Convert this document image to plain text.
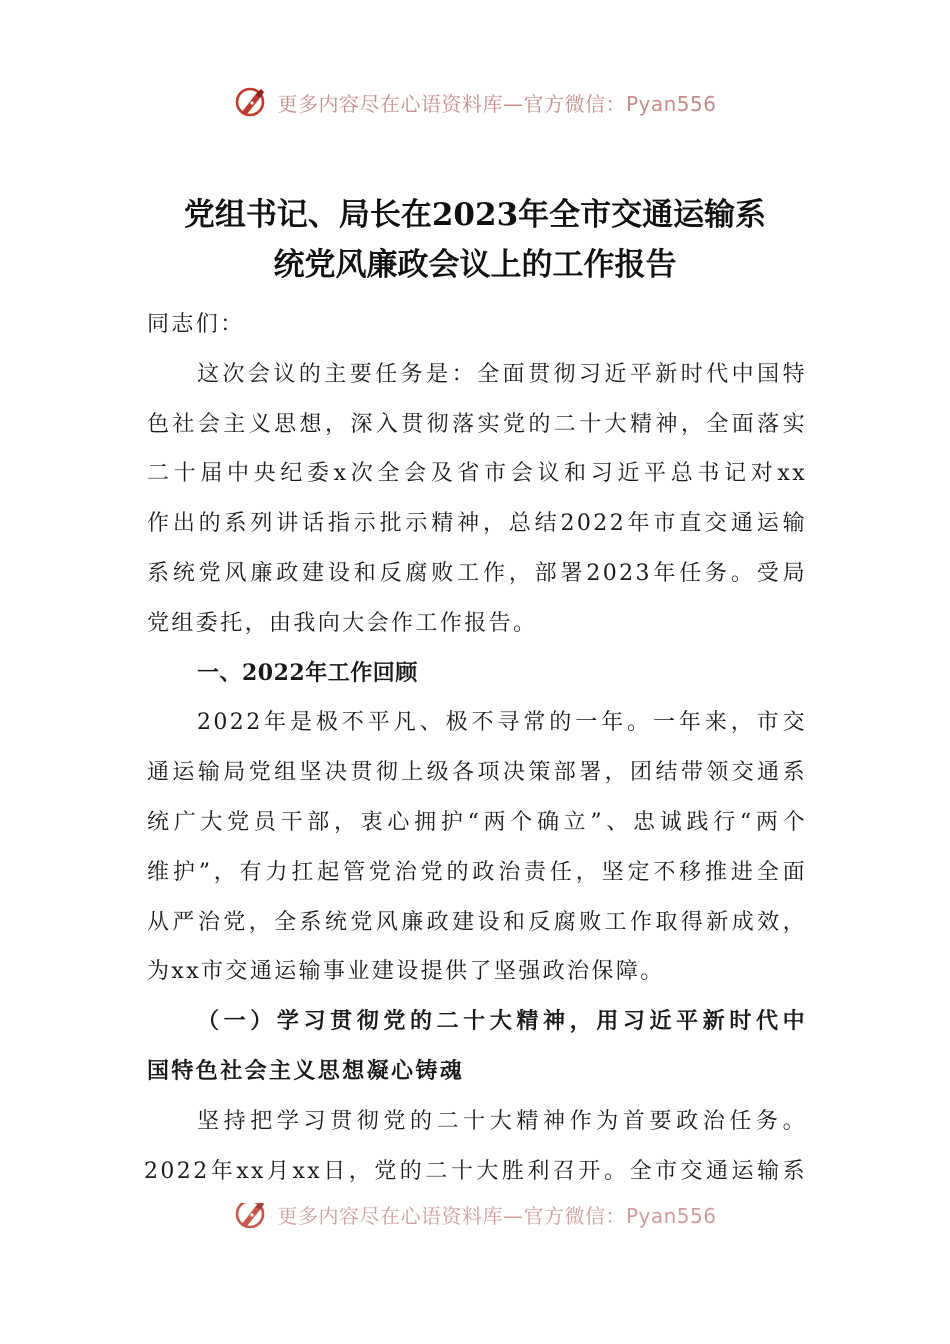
更多内容尽在心语资料库—官方微信：Pyan556
党组书记、局长在2023年全市交通运输系
统党风廉政会议上的工作报告
同志们：
这次会议的主要任务是：全面贯彻习近平新时代中国特
色社会主义思想，深入贯彻落实党的二十大精神，全面落实
二十届中央纪委x次全会及省市会议和习近平总书记对xx
作出的系列讲话指示批示精神，总结2022年市直交通运输
系统党风廉政建设和反腐败工作，部署2023年任务。受局
党组委托，由我向大会作工作报告。
一、2022年工作回顾
2022年是极不平凡、极不寻常的一年。一年来，市交
通运输局党组坚决贯彻上级各项决策部署，团结带领交通系
统广大党员干部，衷心拥护“两个确立”、忠诚践行“两个
维护”，有力扛起管党治党的政治责任，坚定不移推进全面
从严治党，全系统党风廉政建设和反腐败工作取得新成效，
为xx市交通运输事业建设提供了坚强政治保障。
（一）学习贯彻党的二十大精神，用习近平新时代中
国特色社会主义思想凝心铸魂
坚持把学习贯彻党的二十大精神作为首要政治任务。
2022年xx月xx日，党的二十大胜利召开。全市交通运输系
更多内容尽在心语资料库—官方微信：Pyan556
